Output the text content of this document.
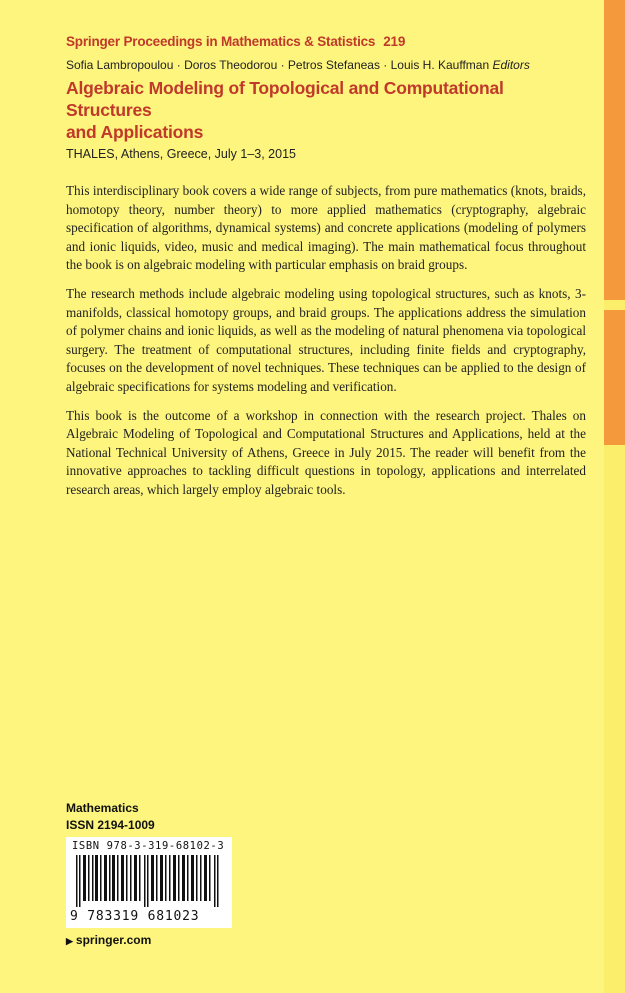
Springer Proceedings in Mathematics & Statistics 219
Sofia Lambropoulou · Doros Theodorou · Petros Stefaneas · Louis H. Kauffman Editors
Algebraic Modeling of Topological and Computational Structures
and Applications
THALES, Athens, Greece, July 1–3, 2015

This interdisciplinary book covers a wide range of subjects, from pure mathematics (knots, braids, homotopy theory, number theory) to more applied mathematics (cryptography, algebraic specification of algorithms, dynamical systems) and concrete applications (modeling of polymers and ionic liquids, video, music and medical imaging). The main mathematical focus throughout the book is on algebraic modeling with particular emphasis on braid groups.

The research methods include algebraic modeling using topological structures, such as knots, 3-manifolds, classical homotopy groups, and braid groups. The applications address the simulation of polymer chains and ionic liquids, as well as the modeling of natural phenomena via topological surgery. The treatment of computational structures, including finite fields and cryptography, focuses on the development of novel techniques. These techniques can be applied to the design of algebraic specifications for systems modeling and verification.

This book is the outcome of a workshop in connection with the research project. Thales on Algebraic Modeling of Topological and Computational Structures and Applications, held at the National Technical University of Athens, Greece in July 2015. The reader will benefit from the innovative approaches to tackling difficult questions in topology, applications and interrelated research areas, which largely employ algebraic tools.

Mathematics
ISSN 2194-1009
ISBN 978-3-319-68102-3
9 783319 681023
▶ springer.com
